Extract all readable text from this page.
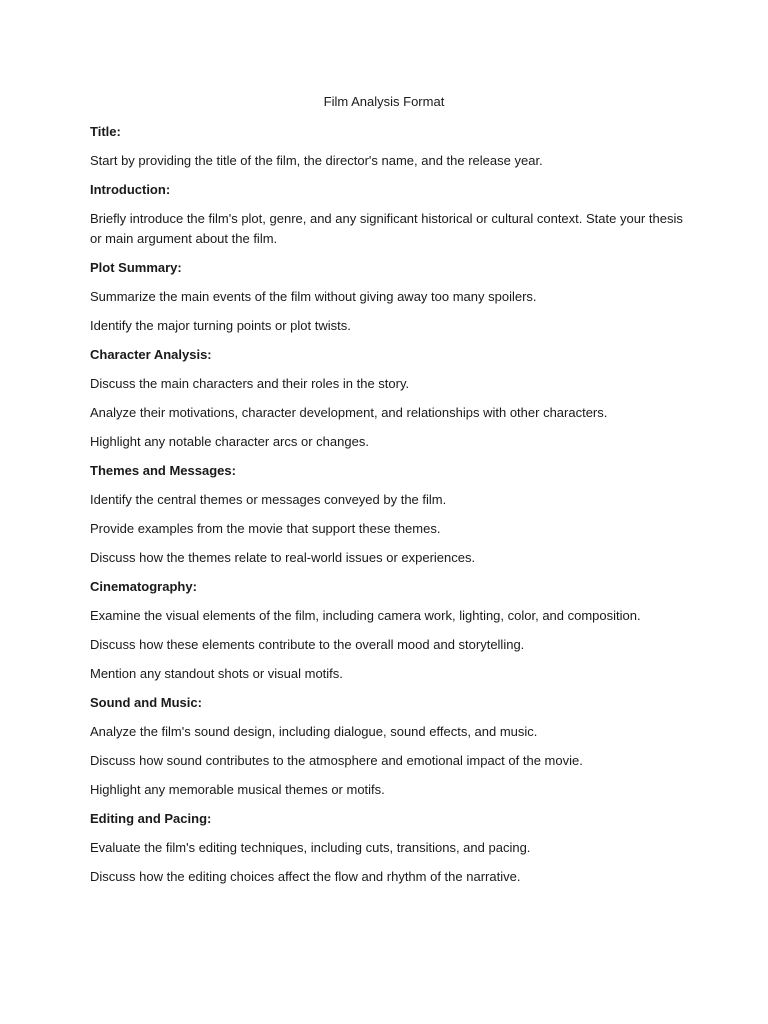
Film Analysis Format
Title:
Start by providing the title of the film, the director's name, and the release year.
Introduction:
Briefly introduce the film's plot, genre, and any significant historical or cultural context. State your thesis or main argument about the film.
Plot Summary:
Summarize the main events of the film without giving away too many spoilers.
Identify the major turning points or plot twists.
Character Analysis:
Discuss the main characters and their roles in the story.
Analyze their motivations, character development, and relationships with other characters.
Highlight any notable character arcs or changes.
Themes and Messages:
Identify the central themes or messages conveyed by the film.
Provide examples from the movie that support these themes.
Discuss how the themes relate to real-world issues or experiences.
Cinematography:
Examine the visual elements of the film, including camera work, lighting, color, and composition.
Discuss how these elements contribute to the overall mood and storytelling.
Mention any standout shots or visual motifs.
Sound and Music:
Analyze the film's sound design, including dialogue, sound effects, and music.
Discuss how sound contributes to the atmosphere and emotional impact of the movie.
Highlight any memorable musical themes or motifs.
Editing and Pacing:
Evaluate the film's editing techniques, including cuts, transitions, and pacing.
Discuss how the editing choices affect the flow and rhythm of the narrative.
